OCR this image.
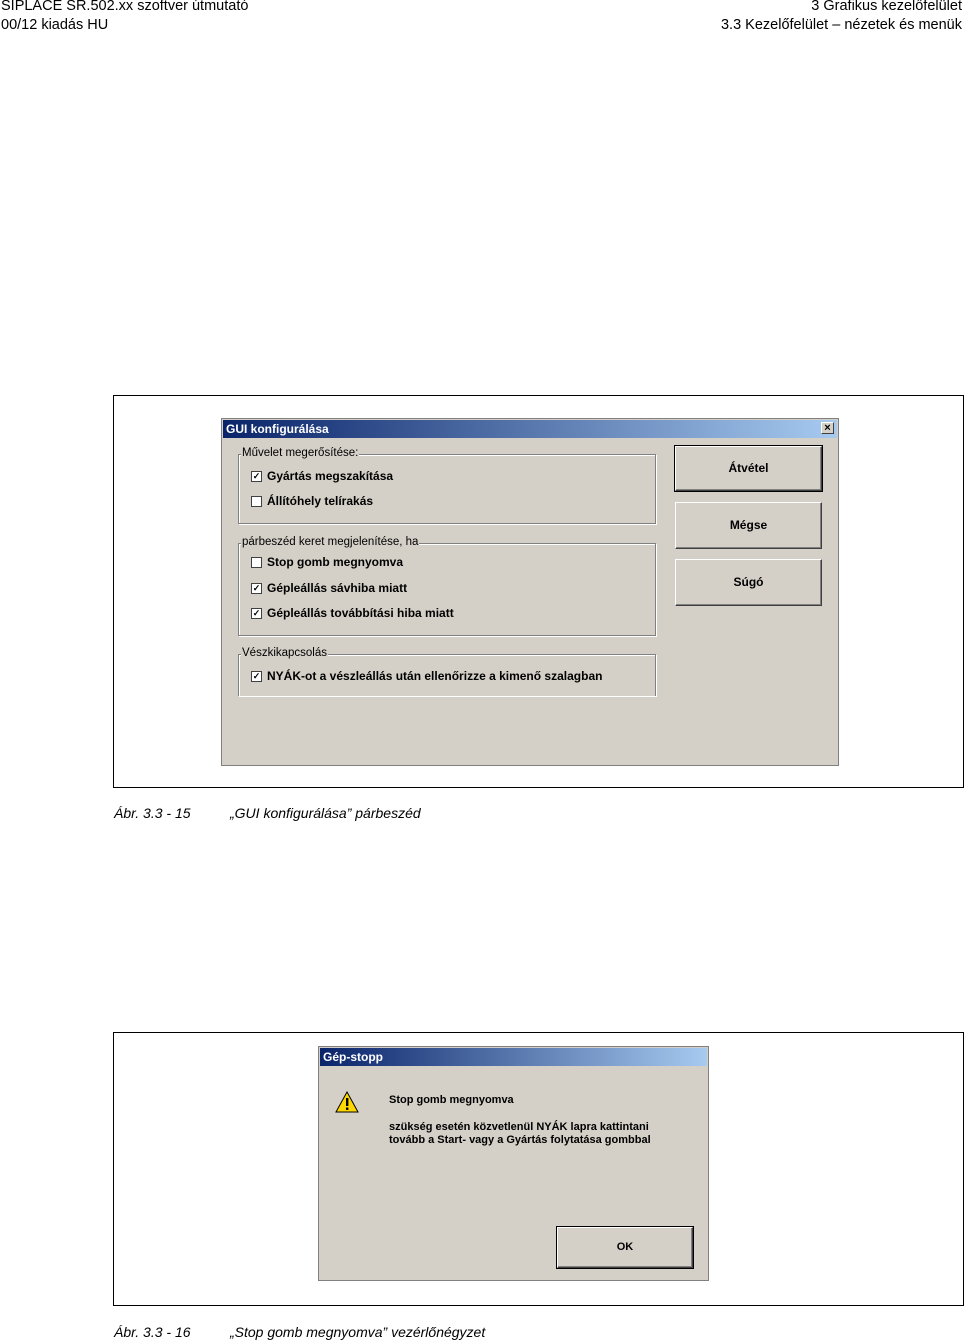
SIPLACE SR.502.xx szoftver útmutató
00/12 kiadás HU
3 Grafikus kezelőfelület
3.3 Kezelőfelület – nézetek és menük
GUI konfigurálása	×
Művelet megerősítése:
✓ Gyártás megszakítása
Állítóhely telírakás
párbeszéd keret megjelenítése, ha
Stop gomb megnyomva
✓ Gépleállás sávhiba miatt
✓ Gépleállás továbbítási hiba miatt
Vészkikapcsolás
✓ NYÁK-ot a vészleállás után ellenőrizze a kimenő szalagban
Átvétel
Mégse
Súgó
Ábr. 3.3 - 15	„GUI konfigurálása” párbeszéd
Gép-stopp
Stop gomb megnyomva
szükség esetén közvetlenül NYÁK lapra kattintani
tovább a Start- vagy a Gyártás folytatása gombbal
OK
Ábr. 3.3 - 16	„Stop gomb megnyomva” vezérlőnégyzet
